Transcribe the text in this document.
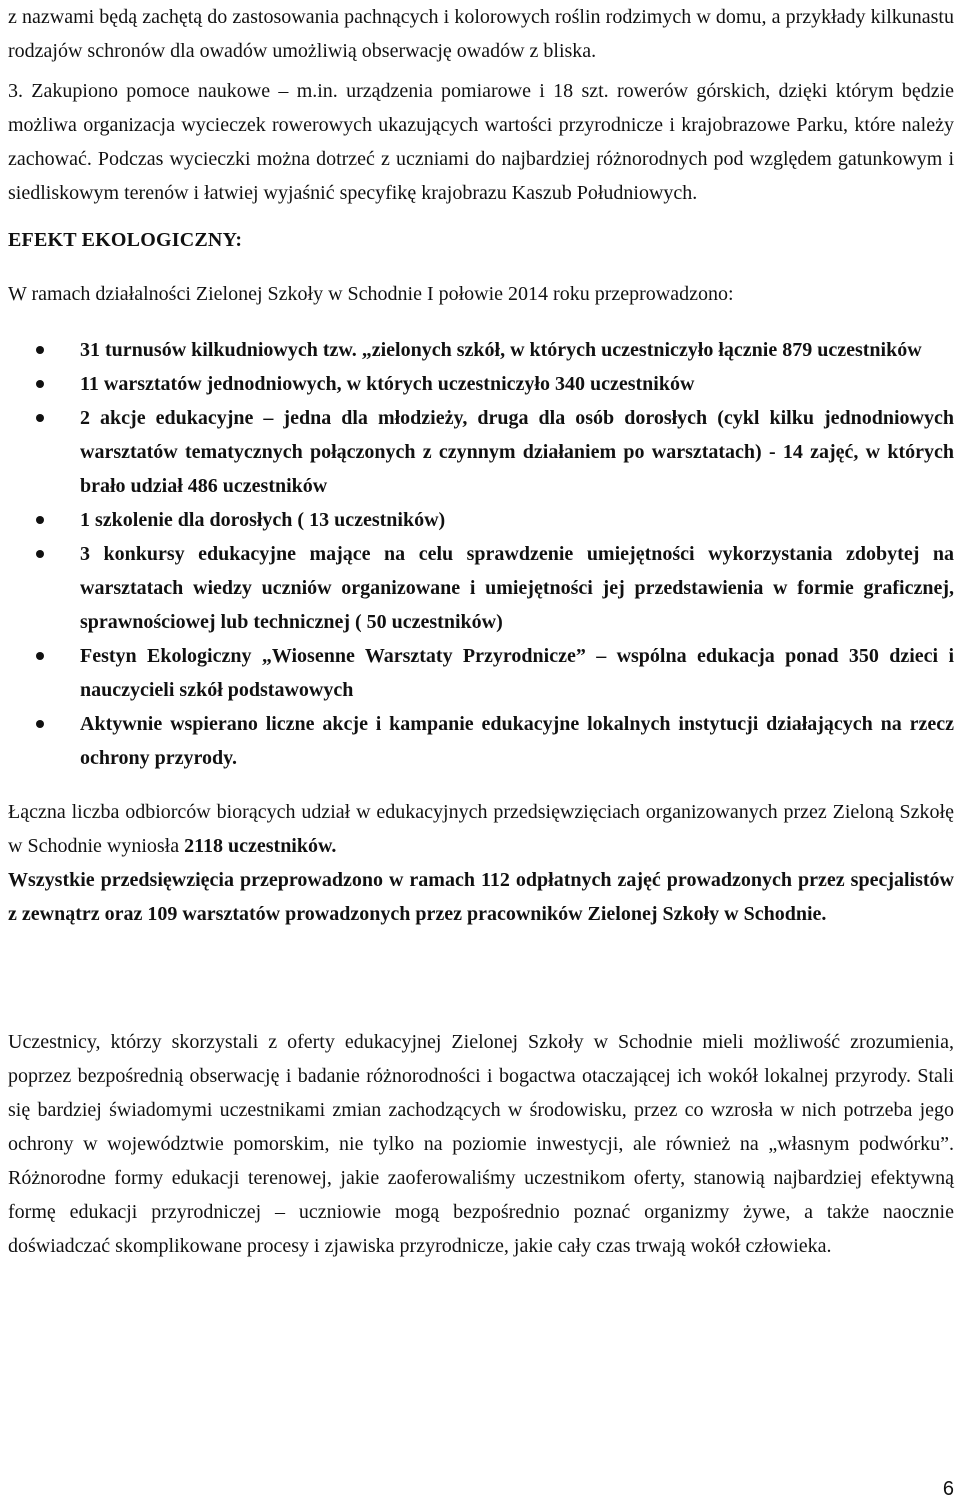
z nazwami będą zachętą do zastosowania pachnących i kolorowych roślin rodzimych w domu, a przykłady kilkunastu rodzajów schronów dla owadów umożliwią obserwację owadów z bliska.

3. Zakupiono pomoce naukowe – m.in. urządzenia pomiarowe i 18 szt. rowerów górskich, dzięki którym będzie możliwa organizacja wycieczek rowerowych ukazujących wartości przyrodnicze i krajobrazowe Parku, które należy zachować. Podczas wycieczki można dotrzeć z uczniami do najbardziej różnorodnych pod względem gatunkowym i siedliskowym terenów i łatwiej wyjaśnić specyfikę krajobrazu Kaszub Południowych.

EFEKT EKOLOGICZNY:

W ramach działalności Zielonej Szkoły w Schodnie I połowie 2014 roku przeprowadzono:

31 turnusów kilkudniowych tzw. „zielonych szkół, w których uczestniczyło łącznie 879 uczestników
11 warsztatów jednodniowych, w których uczestniczyło 340 uczestników
2 akcje edukacyjne – jedna dla młodzieży, druga dla osób dorosłych (cykl kilku jednodniowych warsztatów tematycznych połączonych z czynnym działaniem po warsztatach) - 14 zajęć, w których brało udział 486 uczestników
1 szkolenie dla dorosłych ( 13 uczestników)
3 konkursy edukacyjne mające na celu sprawdzenie umiejętności wykorzystania zdobytej na warsztatach wiedzy uczniów organizowane i umiejętności jej przedstawienia w formie graficznej, sprawnościowej lub technicznej ( 50 uczestników)
Festyn Ekologiczny „Wiosenne Warsztaty Przyrodnicze” – wspólna edukacja ponad 350 dzieci i nauczycieli szkół podstawowych
Aktywnie wspierano liczne akcje i kampanie edukacyjne lokalnych instytucji działających na rzecz ochrony przyrody.

Łączna liczba odbiorców biorących udział w edukacyjnych przedsięwzięciach organizowanych przez Zieloną Szkołę w Schodnie wyniosła 2118 uczestników.

Wszystkie przedsięwzięcia przeprowadzono w ramach 112 odpłatnych zajęć prowadzonych przez specjalistów z zewnątrz oraz 109 warsztatów prowadzonych przez pracowników Zielonej Szkoły w Schodnie.

Uczestnicy, którzy skorzystali z oferty edukacyjnej Zielonej Szkoły w Schodnie mieli możliwość zrozumienia, poprzez bezpośrednią obserwację i badanie różnorodności i bogactwa otaczającej ich wokół lokalnej przyrody. Stali się bardziej świadomymi uczestnikami zmian zachodzących w środowisku, przez co wzrosła w nich potrzeba jego ochrony w województwie pomorskim, nie tylko na poziomie inwestycji, ale również na „własnym podwórku”. Różnorodne formy edukacji terenowej, jakie zaoferowaliśmy uczestnikom oferty, stanowią najbardziej efektywną formę edukacji przyrodniczej – uczniowie mogą bezpośrednio poznać organizmy żywe, a także naocznie doświadczać skomplikowane procesy i zjawiska przyrodnicze, jakie cały czas trwają wokół człowieka.

6
